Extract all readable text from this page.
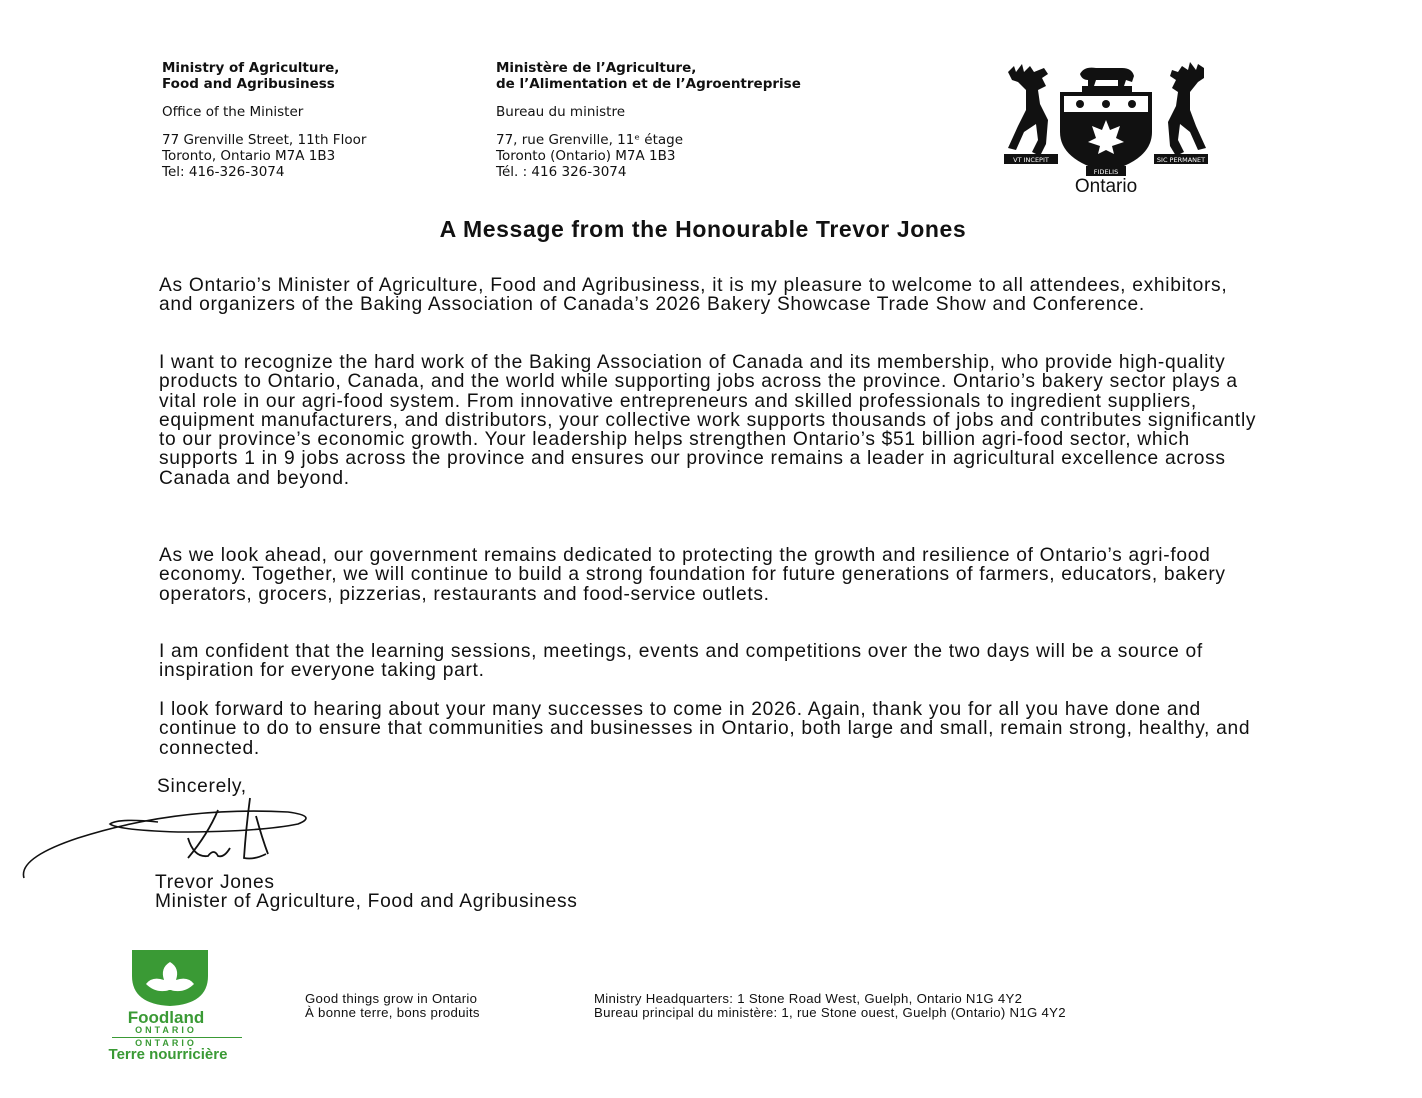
Ministry of Agriculture,
Food and Agribusiness
Office of the Minister
77 Grenville Street, 11th Floor
Toronto, Ontario M7A 1B3
Tel: 416-326-3074
Ministère de l’Agriculture,
de l’Alimentation et de l’Agroentreprise
Bureau du ministre
77, rue Grenville, 11ᵉ étage
Toronto (Ontario) M7A 1B3
Tél. : 416 326-3074
VT INCEPIT
FIDELIS
SIC PERMANET
Ontario
A Message from the Honourable Trevor Jones

As Ontario’s Minister of Agriculture, Food and Agribusiness, it is my pleasure to welcome to all attendees, exhibitors, and organizers of the Baking Association of Canada’s 2026 Bakery Showcase Trade Show and Conference.

I want to recognize the hard work of the Baking Association of Canada and its membership, who provide high-quality products to Ontario, Canada, and the world while supporting jobs across the province. Ontario’s bakery sector plays a vital role in our agri-food system. From innovative entrepreneurs and skilled professionals to ingredient suppliers, equipment manufacturers, and distributors, your collective work supports thousands of jobs and contributes significantly to our province’s economic growth. Your leadership helps strengthen Ontario’s $51 billion agri-food sector, which supports 1 in 9 jobs across the province and ensures our province remains a leader in agricultural excellence across Canada and beyond.

As we look ahead, our government remains dedicated to protecting the growth and resilience of Ontario’s agri-food economy. Together, we will continue to build a strong foundation for future generations of farmers, educators, bakery operators, grocers, pizzerias, restaurants and food-service outlets.

I am confident that the learning sessions, meetings, events and competitions over the two days will be a source of inspiration for everyone taking part.

I look forward to hearing about your many successes to come in 2026. Again, thank you for all you have done and continue to do to ensure that communities and businesses in Ontario, both large and small, remain strong, healthy, and connected.

Sincerely,
Trevor Jones
Minister of Agriculture, Food and Agribusiness
Foodland
ONTARIO
ONTARIO
Terre nourricière
Good things grow in Ontario
À bonne terre, bons produits
Ministry Headquarters: 1 Stone Road West, Guelph, Ontario N1G 4Y2
Bureau principal du ministère: 1, rue Stone ouest, Guelph (Ontario) N1G 4Y2
